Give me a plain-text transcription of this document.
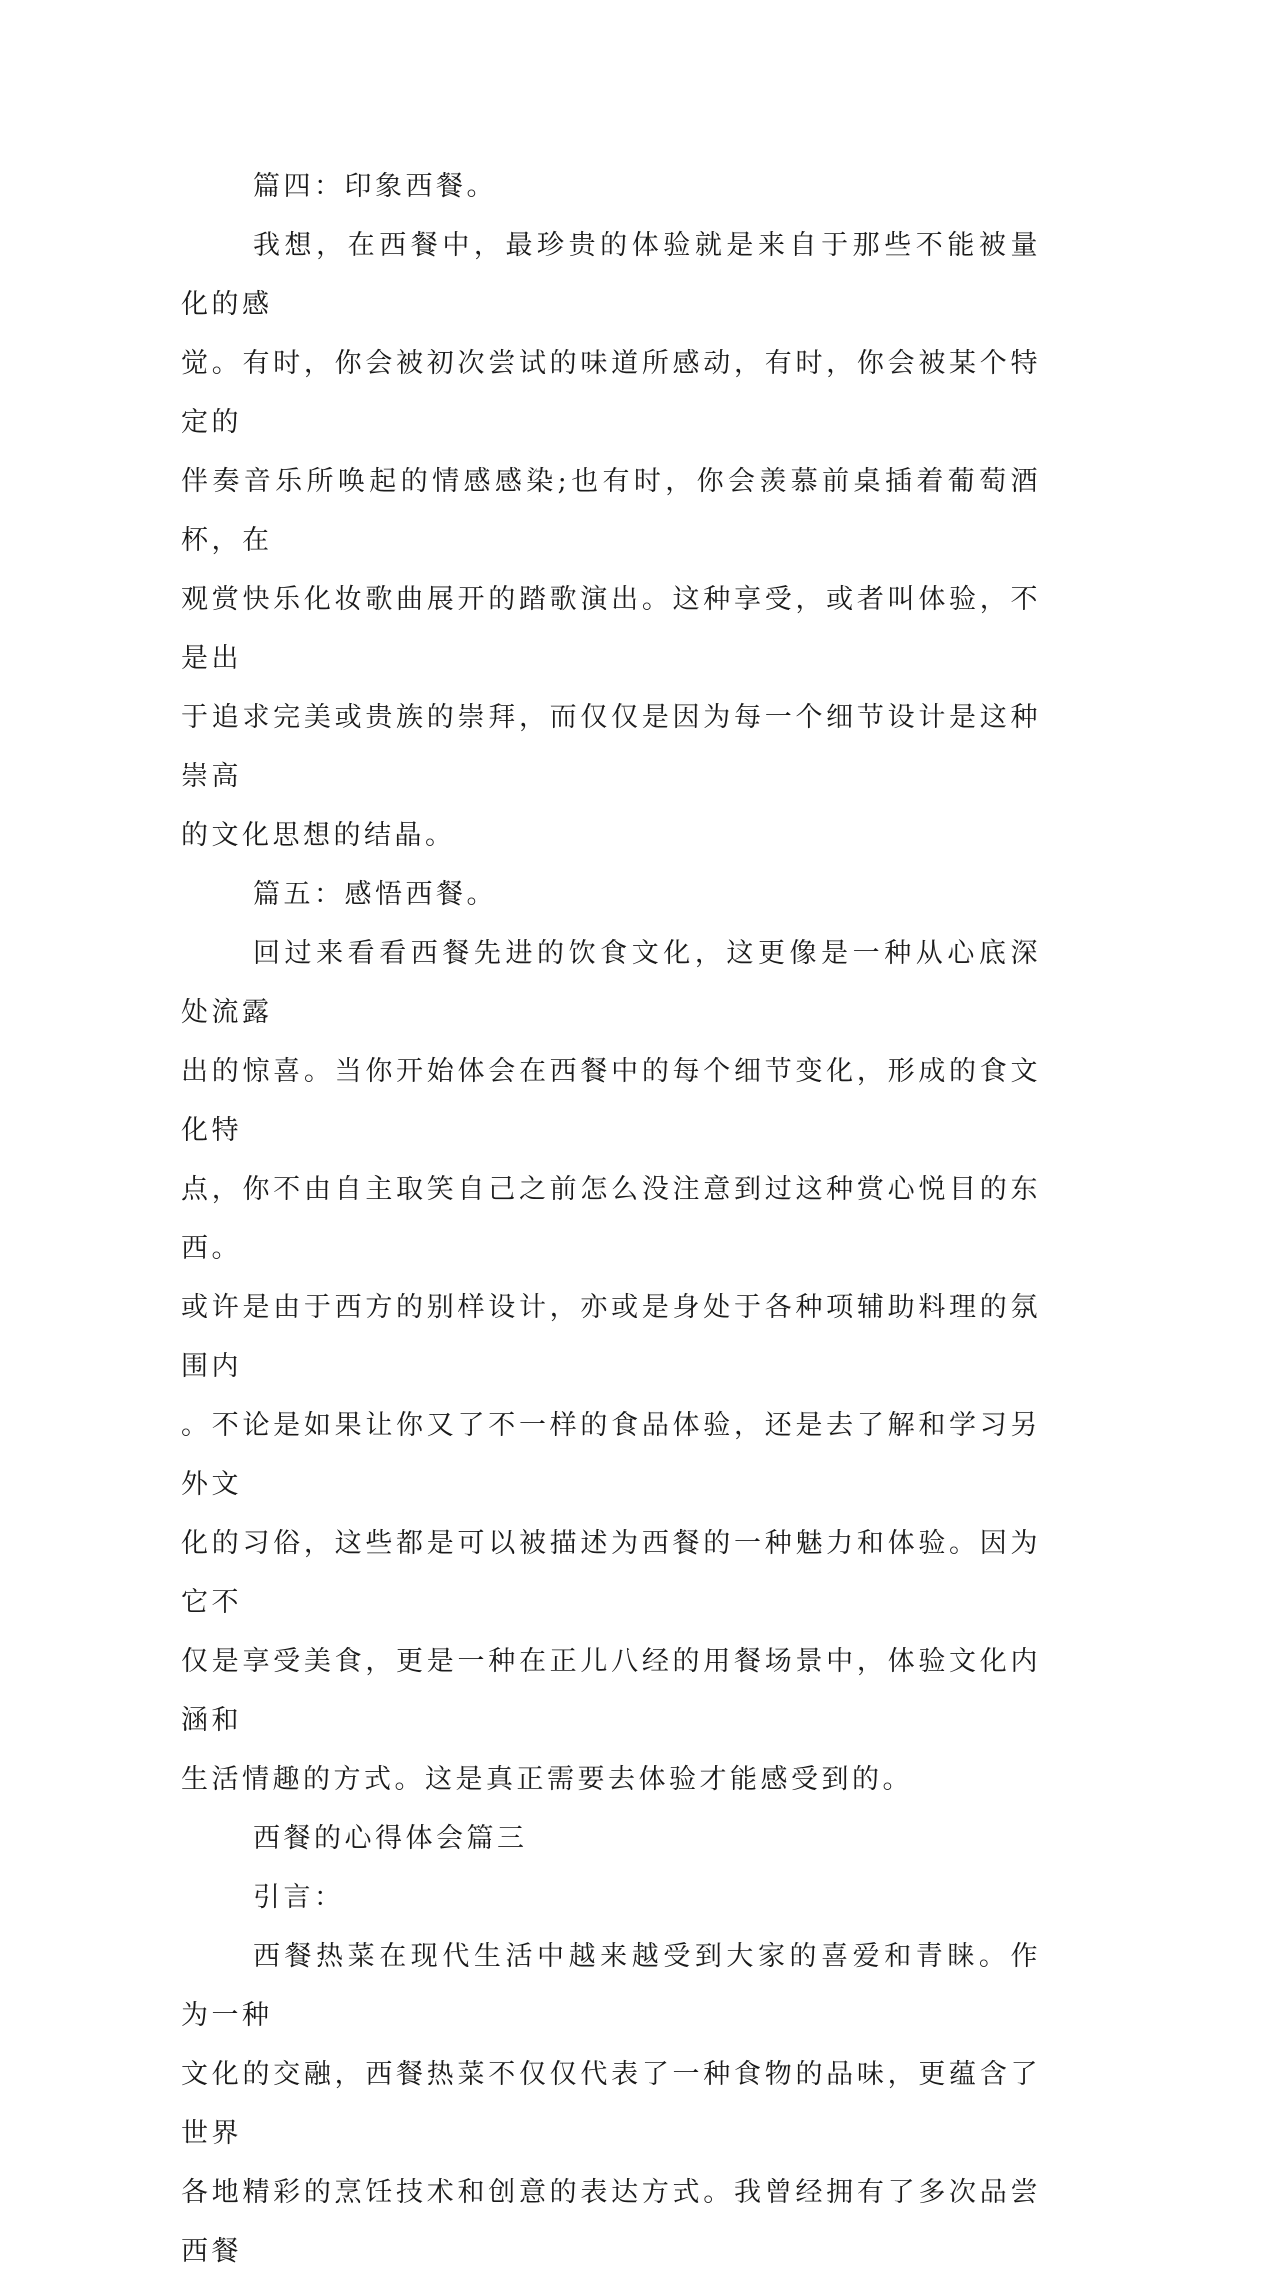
篇四：印象西餐。

我想，在西餐中，最珍贵的体验就是来自于那些不能被量化的感
觉。有时，你会被初次尝试的味道所感动，有时，你会被某个特定的
伴奏音乐所唤起的情感感染;也有时，你会羡慕前桌插着葡萄酒杯，在
观赏快乐化妆歌曲展开的踏歌演出。这种享受，或者叫体验，不是出
于追求完美或贵族的崇拜，而仅仅是因为每一个细节设计是这种崇高
的文化思想的结晶。

篇五：感悟西餐。

回过来看看西餐先进的饮食文化，这更像是一种从心底深处流露
出的惊喜。当你开始体会在西餐中的每个细节变化，形成的食文化特
点，你不由自主取笑自己之前怎么没注意到过这种赏心悦目的东西。
或许是由于西方的别样设计，亦或是身处于各种项辅助料理的氛围内
。不论是如果让你又了不一样的食品体验，还是去了解和学习另外文
化的习俗，这些都是可以被描述为西餐的一种魅力和体验。因为它不
仅是享受美食，更是一种在正儿八经的用餐场景中，体验文化内涵和
生活情趣的方式。这是真正需要去体验才能感受到的。

西餐的心得体会篇三

引言：

西餐热菜在现代生活中越来越受到大家的喜爱和青睐。作为一种
文化的交融，西餐热菜不仅仅代表了一种食物的品味，更蕴含了世界
各地精彩的烹饪技术和创意的表达方式。我曾经拥有了多次品尝西餐
